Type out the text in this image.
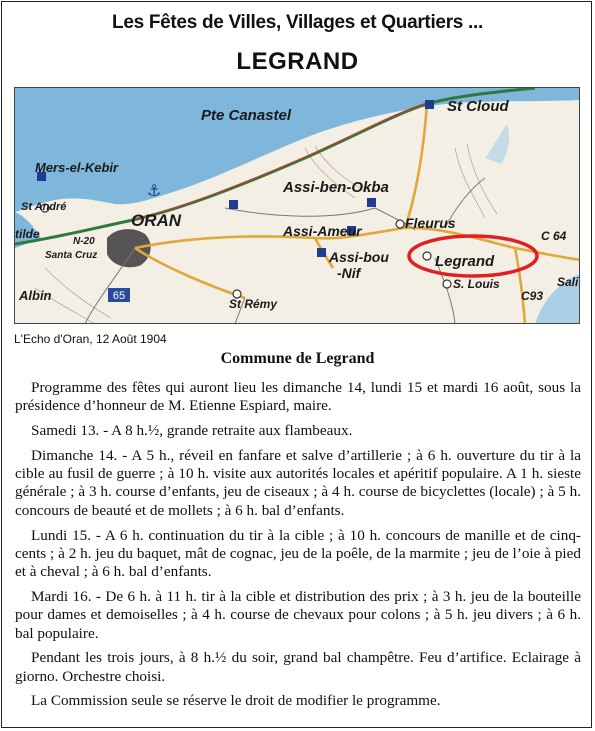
Les Fêtes de Villes, Villages et Quartiers ...
LEGRAND
65
Pte Canastel
St Cloud
Mers-el-Kebir
St André
ORAN
Assi-ben-Okba
Fleurus
Assi-Ameur
Assi-bou
-Nif
Legrand
S. Louis
St Rémy
Albin
tilde
Santa Cruz
N-20	C 64
C93
Sali
⚓
L'Echo d'Oran, 12 Août 1904
Commune de Legrand

Programme des fêtes qui auront lieu les dimanche 14, lundi 15 et mardi 16 août, sous la présidence d’honneur de M. Etienne Espiard, maire.

Samedi 13. - A 8 h.½, grande retraite aux flambeaux.

Dimanche 14. - A 5 h., réveil en fanfare et salve d’artillerie ; à 6 h. ouverture du tir à la cible au fusil de guerre ; à 10 h. visite aux autorités locales et apéritif populaire. A 1 h. sieste générale ; à 3 h. course d’enfants, jeu de ciseaux ; à 4 h. course de bicyclettes (locale) ; à 5 h. concours de beauté et de mollets ; à 6 h. bal d’enfants.

Lundi 15. - A 6 h. continuation du tir à la cible ; à 10 h. concours de manille et de cinq-cents ; à 2 h. jeu du baquet, mât de cognac, jeu de la poêle, de la marmite ; jeu de l’oie à pied et à cheval ; à 6 h. bal d’enfants.

Mardi 16. - De 6 h. à 11 h. tir à la cible et distribution des prix ; à 3 h. jeu de la bouteille pour dames et demoiselles ; à 4 h. course de chevaux pour colons ; à 5 h. jeu divers ; à 6 h. bal populaire.

Pendant les trois jours, à 8 h.½ du soir, grand bal champêtre. Feu d’artifice. Eclairage à giorno. Orchestre choisi.

La Commission seule se réserve le droit de modifier le programme.
